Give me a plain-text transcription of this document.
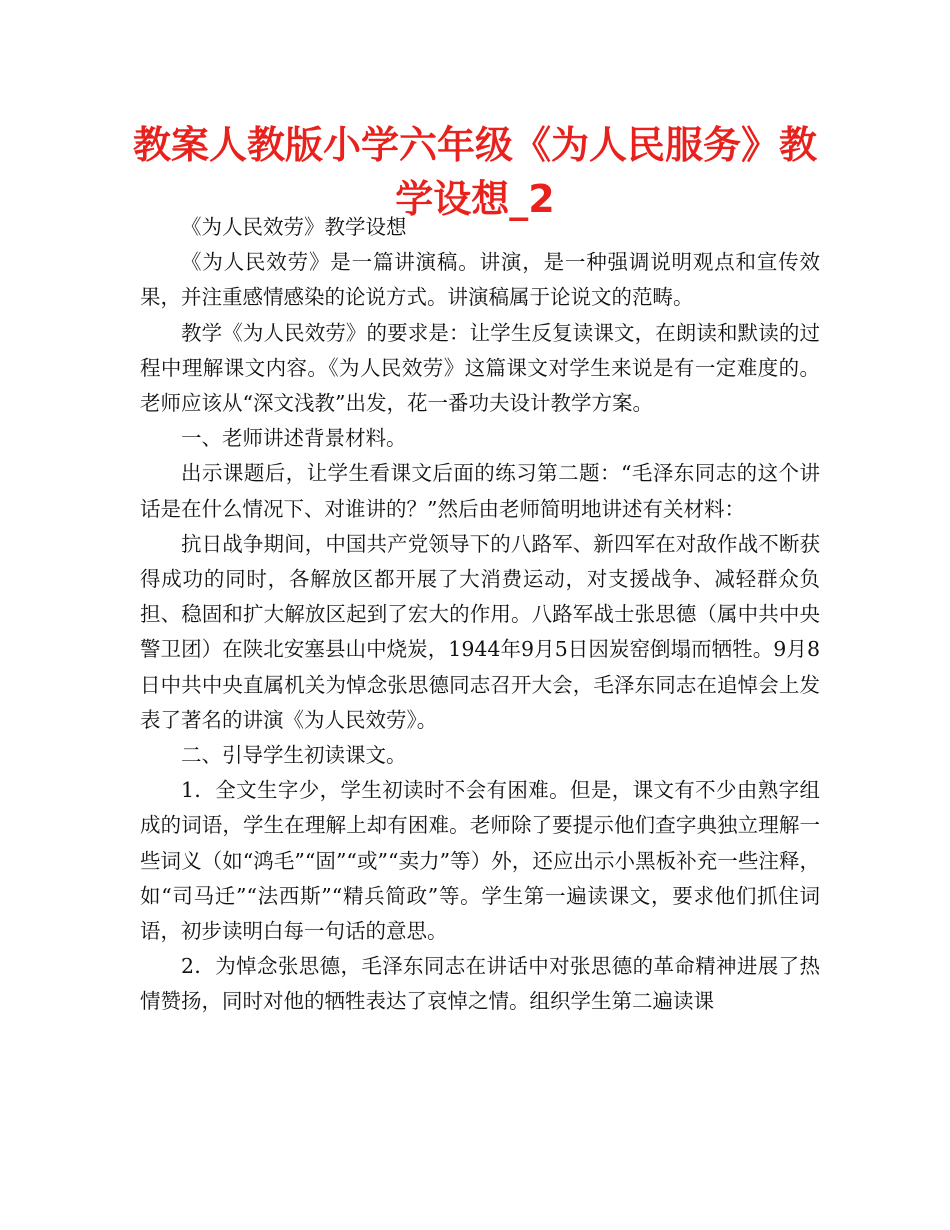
教案人教版小学六年级《为人民服务》教学设想_2

《为人民效劳》教学设想

《为人民效劳》是一篇讲演稿。讲演，是一种强调说明观点和宣传效果，并注重感情感染的论说方式。讲演稿属于论说文的范畴。

教学《为人民效劳》的要求是：让学生反复读课文，在朗读和默读的过程中理解课文内容。《为人民效劳》这篇课文对学生来说是有一定难度的。老师应该从“深文浅教”出发，花一番功夫设计教学方案。

一、老师讲述背景材料。

出示课题后，让学生看课文后面的练习第二题：“毛泽东同志的这个讲话是在什么情况下、对谁讲的？”然后由老师简明地讲述有关材料：

抗日战争期间，中国共产党领导下的八路军、新四军在对敌作战不断获得成功的同时，各解放区都开展了大消费运动，对支援战争、减轻群众负担、稳固和扩大解放区起到了宏大的作用。八路军战士张思德（属中共中央警卫团）在陕北安塞县山中烧炭，1944年9月5日因炭窑倒塌而牺牲。9月8日中共中央直属机关为悼念张思德同志召开大会，毛泽东同志在追悼会上发表了著名的讲演《为人民效劳》。

二、引导学生初读课文。

1．全文生字少，学生初读时不会有困难。但是，课文有不少由熟字组成的词语，学生在理解上却有困难。老师除了要提示他们查字典独立理解一些词义（如“鸿毛”“固”“或”“卖力”等）外，还应出示小黑板补充一些注释，如“司马迁”“法西斯”“精兵简政”等。学生第一遍读课文，要求他们抓住词语，初步读明白每一句话的意思。

2．为悼念张思德，毛泽东同志在讲话中对张思德的革命精神进展了热情赞扬，同时对他的牺牲表达了哀悼之情。组织学生第二遍读课
